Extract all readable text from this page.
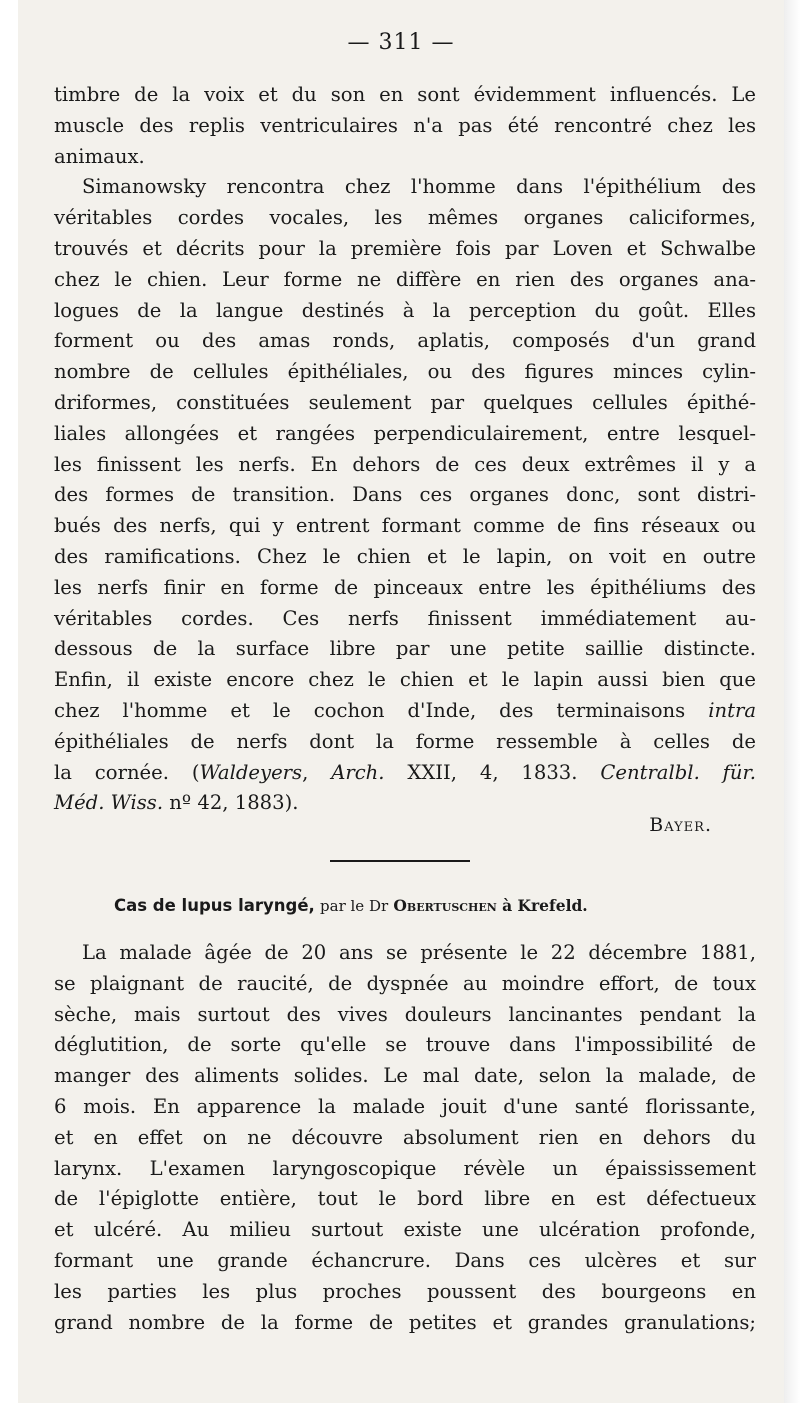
— 311 —
timbre de la voix et du son en sont évidemment influencés. Le
muscle des replis ventriculaires n'a pas été rencontré chez les
animaux.
Simanowsky rencontra chez l'homme dans l'épithélium des
véritables cordes vocales, les mêmes organes caliciformes,
trouvés et décrits pour la première fois par Loven et Schwalbe
chez le chien. Leur forme ne diffère en rien des organes ana-
logues de la langue destinés à la perception du goût. Elles
forment ou des amas ronds, aplatis, composés d'un grand
nombre de cellules épithéliales, ou des figures minces cylin-
driformes, constituées seulement par quelques cellules épithé-
liales allongées et rangées perpendiculairement, entre lesquel-
les finissent les nerfs. En dehors de ces deux extrêmes il y a
des formes de transition. Dans ces organes donc, sont distri-
bués des nerfs, qui y entrent formant comme de fins réseaux ou
des ramifications. Chez le chien et le lapin, on voit en outre
les nerfs finir en forme de pinceaux entre les épithéliums des
véritables cordes. Ces nerfs finissent immédiatement au-
dessous de la surface libre par une petite saillie distincte.
Enfin, il existe encore chez le chien et le lapin aussi bien que
chez l'homme et le cochon d'Inde, des terminaisons intra
épithéliales de nerfs dont la forme ressemble à celles de
la cornée. (Waldeyers, Arch. XXII, 4, 1833. Centralbl. für.
Méd. Wiss. nº 42, 1883).
Bayer.
Cas de lupus laryngé, par le Dr Obertuschen à Krefeld.
La malade âgée de 20 ans se présente le 22 décembre 1881,
se plaignant de raucité, de dyspnée au moindre effort, de toux
sèche, mais surtout des vives douleurs lancinantes pendant la
déglutition, de sorte qu'elle se trouve dans l'impossibilité de
manger des aliments solides. Le mal date, selon la malade, de
6 mois. En apparence la malade jouit d'une santé florissante,
et en effet on ne découvre absolument rien en dehors du
larynx. L'examen laryngoscopique révèle un épaississement
de l'épiglotte entière, tout le bord libre en est défectueux
et ulcéré. Au milieu surtout existe une ulcération profonde,
formant une grande échancrure. Dans ces ulcères et sur
les parties les plus proches poussent des bourgeons en
grand nombre de la forme de petites et grandes granulations;
